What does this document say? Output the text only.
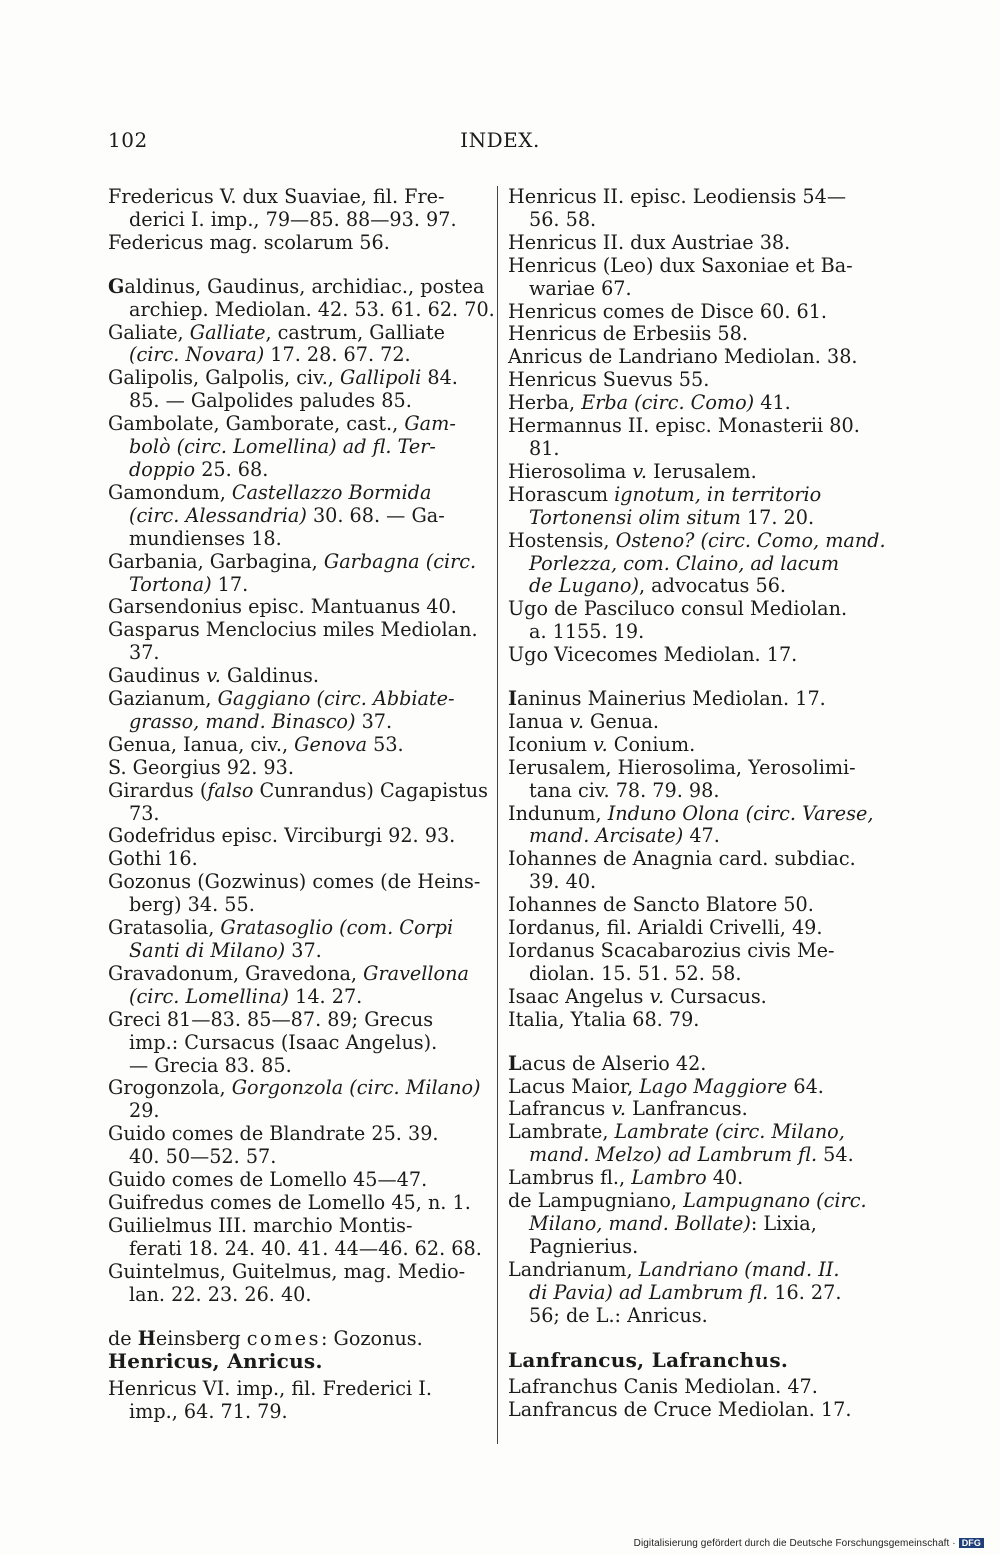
102	INDEX.
Fredericus V. dux Suaviae, fil. Fre-
derici I. imp., 79—85. 88—93. 97.
Federicus mag. scolarum 56.
Galdinus, Gaudinus, archidiac., postea
archiep. Mediolan. 42. 53. 61. 62. 70.
Galiate, Galliate, castrum, Galliate
(circ. Novara) 17. 28. 67. 72.
Galipolis, Galpolis, civ., Gallipoli 84.
85. — Galpolides paludes 85.
Gambolate, Gamborate, cast., Gam-
bolò (circ. Lomellina) ad fl. Ter-
doppio 25. 68.
Gamondum, Castellazzo Bormida
(circ. Alessandria) 30. 68. — Ga-
mundienses 18.
Garbania, Garbagina, Garbagna (circ.
Tortona) 17.
Garsendonius episc. Mantuanus 40.
Gasparus Menclocius miles Mediolan.
37.
Gaudinus v. Galdinus.
Gazianum, Gaggiano (circ. Abbiate-
grasso, mand. Binasco) 37.
Genua, Ianua, civ., Genova 53.
S. Georgius 92. 93.
Girardus (falso Cunrandus) Cagapistus
73.
Godefridus episc. Virciburgi 92. 93.
Gothi 16.
Gozonus (Gozwinus) comes (de Heins-
berg) 34. 55.
Gratasolia, Gratasoglio (com. Corpi
Santi di Milano) 37.
Gravadonum, Gravedona, Gravellona
(circ. Lomellina) 14. 27.
Greci 81—83. 85—87. 89; Grecus
imp.: Cursacus (Isaac Angelus).
— Grecia 83. 85.
Grogonzola, Gorgonzola (circ. Milano)
29.
Guido comes de Blandrate 25. 39.
40. 50—52. 57.
Guido comes de Lomello 45—47.
Guifredus comes de Lomello 45, n. 1.
Guilielmus III. marchio Montis-
ferati 18. 24. 40. 41. 44—46. 62. 68.
Guintelmus, Guitelmus, mag. Medio-
lan. 22. 23. 26. 40.
de Heinsberg comes: Gozonus.
Henricus, Anricus.
Henricus VI. imp., fil. Frederici I.
imp., 64. 71. 79.
Henricus II. episc. Leodiensis 54—
56. 58.
Henricus II. dux Austriae 38.
Henricus (Leo) dux Saxoniae et Ba-
wariae 67.
Henricus comes de Disce 60. 61.
Henricus de Erbesiis 58.
Anricus de Landriano Mediolan. 38.
Henricus Suevus 55.
Herba, Erba (circ. Como) 41.
Hermannus II. episc. Monasterii 80.
81.
Hierosolima v. Ierusalem.
Horascum ignotum, in territorio
Tortonensi olim situm 17. 20.
Hostensis, Osteno? (circ. Como, mand.
Porlezza, com. Claino, ad lacum
de Lugano), advocatus 56.
Ugo de Pasciluco consul Mediolan.
a. 1155. 19.
Ugo Vicecomes Mediolan. 17.
Ianinus Mainerius Mediolan. 17.
Ianua v. Genua.
Iconium v. Conium.
Ierusalem, Hierosolima, Yerosolimi-
tana civ. 78. 79. 98.
Indunum, Induno Olona (circ. Varese,
mand. Arcisate) 47.
Iohannes de Anagnia card. subdiac.
39. 40.
Iohannes de Sancto Blatore 50.
Iordanus, fil. Arialdi Crivelli, 49.
Iordanus Scacabarozius civis Me-
diolan. 15. 51. 52. 58.
Isaac Angelus v. Cursacus.
Italia, Ytalia 68. 79.
Lacus de Alserio 42.
Lacus Maior, Lago Maggiore 64.
Lafrancus v. Lanfrancus.
Lambrate, Lambrate (circ. Milano,
mand. Melzo) ad Lambrum fl. 54.
Lambrus fl., Lambro 40.
de Lampugniano, Lampugnano (circ.
Milano, mand. Bollate): Lixia,
Pagnierius.
Landrianum, Landriano (mand. II.
di Pavia) ad Lambrum fl. 16. 27.
56; de L.: Anricus.
Lanfrancus, Lafranchus.
Lafranchus Canis Mediolan. 47.
Lanfrancus de Cruce Mediolan. 17.
Digitalisierung gefördert durch die Deutsche Forschungsgemeinschaft · DFG
